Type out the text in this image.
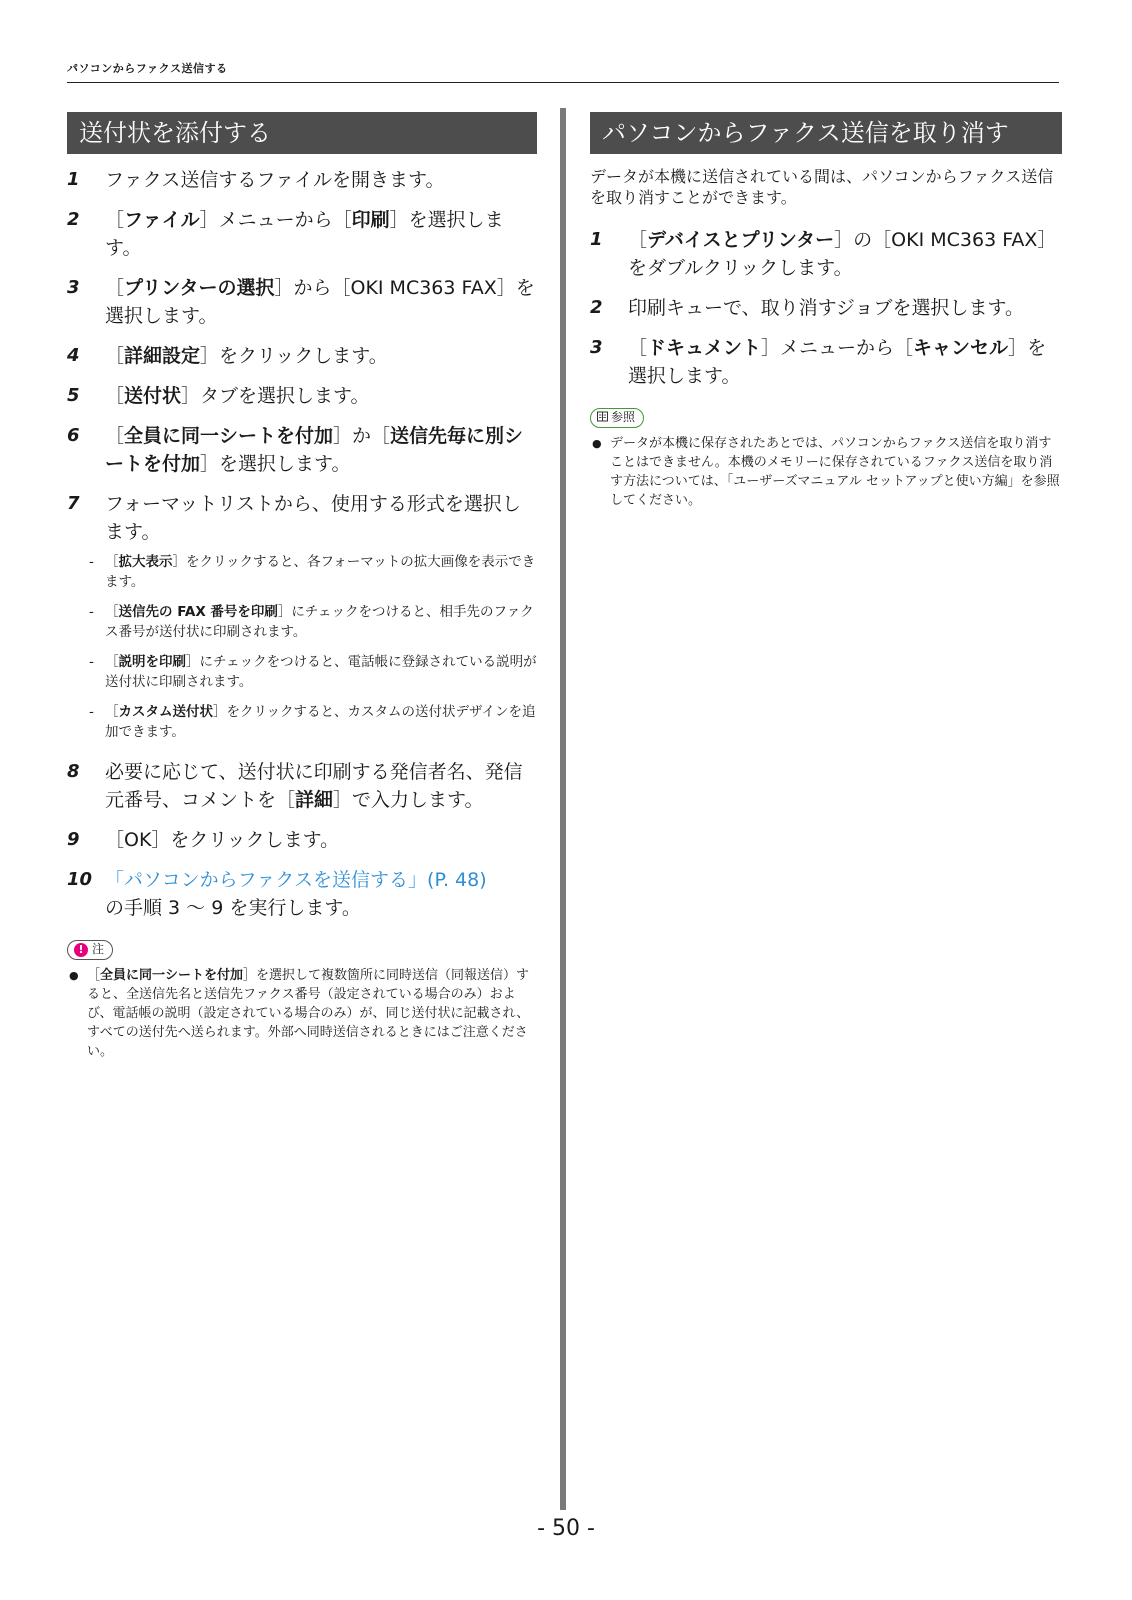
パソコンからファクス送信する
送付状を添付する
1 ファクス送信するファイルを開きます。
2 ［ファイル］メニューから［印刷］を選択します。
3 ［プリンターの選択］から［OKI MC363 FAX］を選択します。
4 ［詳細設定］をクリックします。
5 ［送付状］タブを選択します。
6 ［全員に同一シートを付加］か［送信先毎に別シートを付加］を選択します。
7 フォーマットリストから、使用する形式を選択します。
- ［拡大表示］をクリックすると、各フォーマットの拡大画像を表示できます。
- ［送信先の FAX 番号を印刷］にチェックをつけると、相手先のファクス番号が送付状に印刷されます。
- ［説明を印刷］にチェックをつけると、電話帳に登録されている説明が送付状に印刷されます。
- ［カスタム送付状］をクリックすると、カスタムの送付状デザインを追加できます。
8 必要に応じて、送付状に印刷する発信者名、発信元番号、コメントを［詳細］で入力します。
9 ［OK］をクリックします。
10 「パソコンからファクスを送信する」(P. 48)
の手順 3 〜 9 を実行します。
! 注
● ［全員に同一シートを付加］を選択して複数箇所に同時送信（同報送信）すると、全送信先名と送信先ファクス番号（設定されている場合のみ）および、電話帳の説明（設定されている場合のみ）が、同じ送付状に記載され、すべての送付先へ送られます。外部へ同時送信されるときにはご注意ください。
パソコンからファクス送信を取り消す

データが本機に送信されている間は、パソコンからファクス送信を取り消すことができます。

1 ［デバイスとプリンター］の［OKI MC363 FAX］をダブルクリックします。
2 印刷キューで、取り消すジョブを選択します。
3 ［ドキュメント］メニューから［キャンセル］を選択します。
参照
● データが本機に保存されたあとでは、パソコンからファクス送信を取り消すことはできません。本機のメモリーに保存されているファクス送信を取り消す方法については、「ユーザーズマニュアル セットアップと使い方編」を参照してください。
- 50 -
